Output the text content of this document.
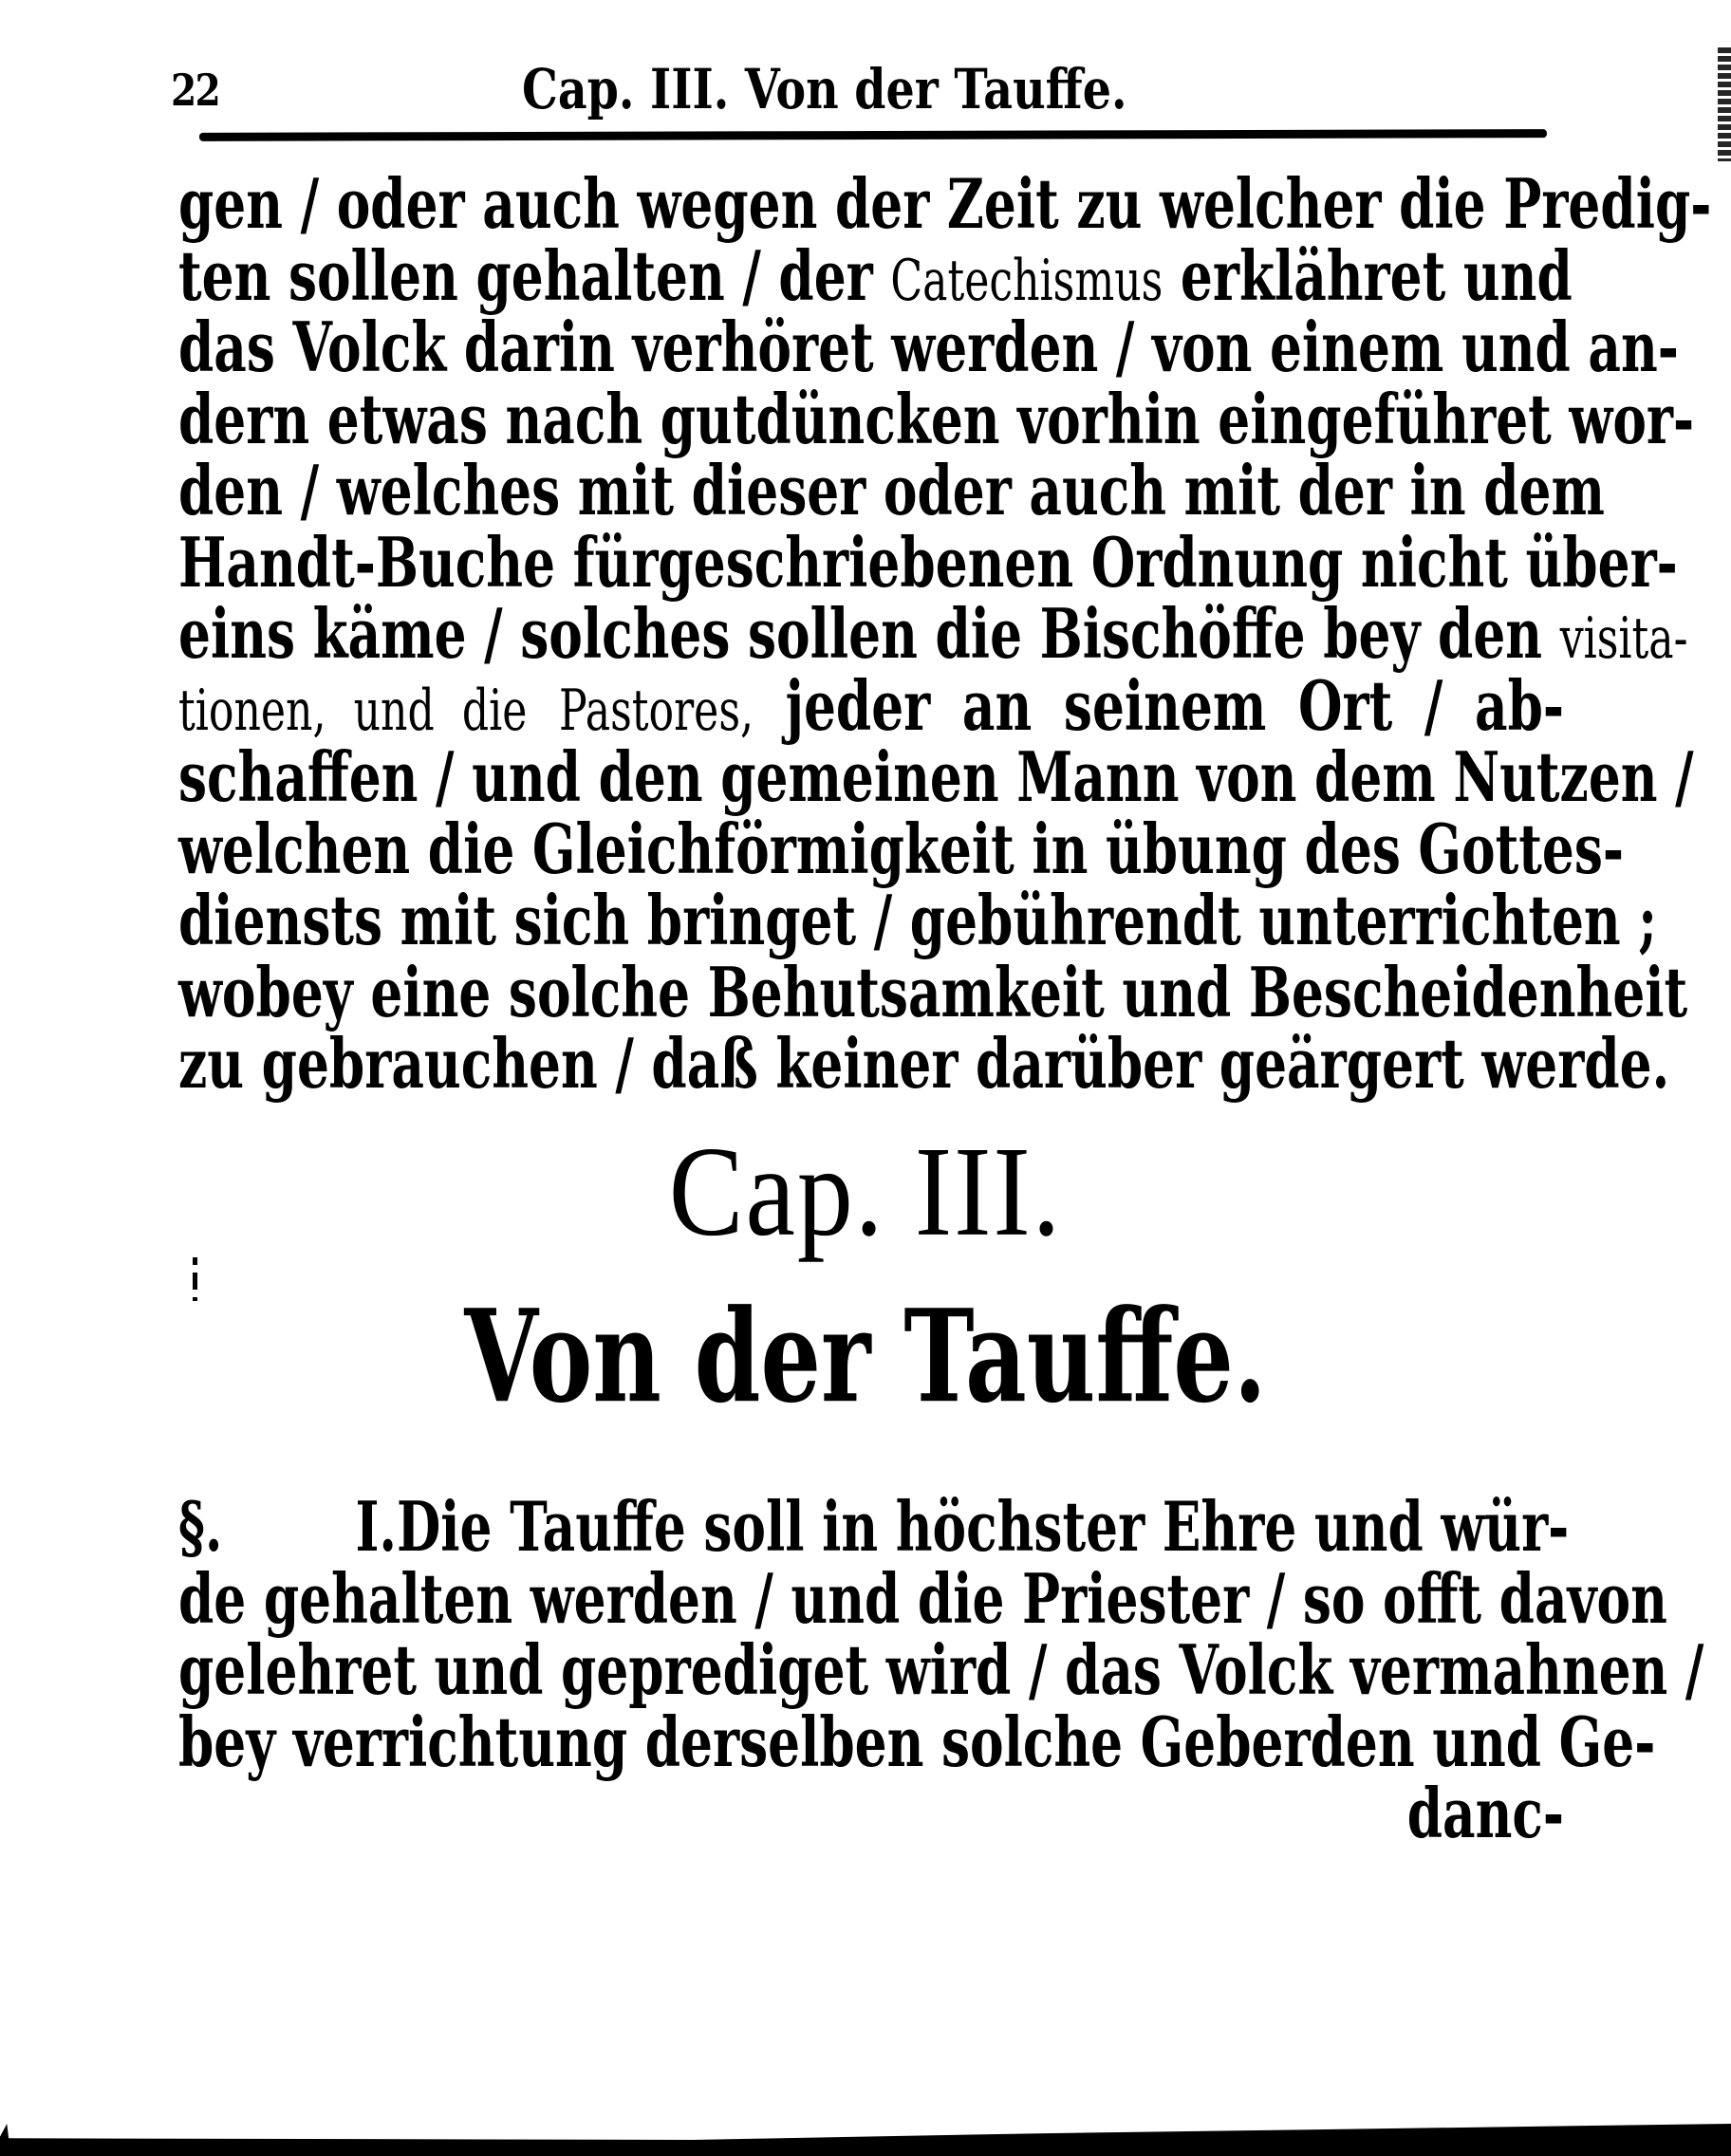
22	Cap. III. Von der Tauffe.
gen / oder auch wegen der Zeit zu welcher die Predig-
ten sollen gehalten / der Catechismus erklähret und
das Volck darin verhöret werden / von einem und an-
dern etwas nach gutdüncken vorhin eingeführet wor-
den / welches mit dieser oder auch mit der in dem
Handt-Buche fürgeschriebenen Ordnung nicht über-
eins käme / solches sollen die Bischöffe bey den visita-
tionen, und die Pastores, jeder an seinem Ort / ab-
schaffen / und den gemeinen Mann von dem Nutzen /
welchen die Gleichförmigkeit in übung des Gottes-
diensts mit sich bringet / gebührendt unterrichten ;
wobey eine solche Behutsamkeit und Bescheidenheit
zu gebrauchen / daß keiner darüber geärgert werde.
Cap. III.
Von der Tauffe.
§. I.Die Tauffe soll in höchster Ehre und wür-
de gehalten werden / und die Priester / so offt davon
gelehret und geprediget wird / das Volck vermahnen /
bey verrichtung derselben solche Geberden und Ge-
danc-
